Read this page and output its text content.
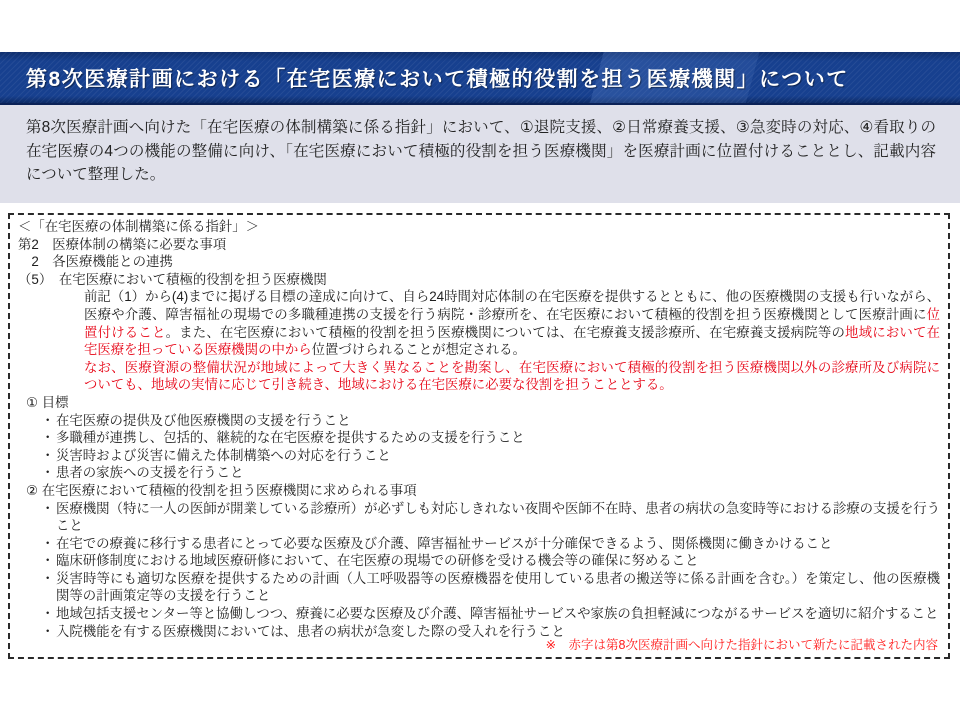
第8次医療計画における「在宅医療において積極的役割を担う医療機関」について
第8次医療計画へ向けた「在宅医療の体制構築に係る指針」において、①退院支援、②日常療養支援、③急変時の対応、④看取りの在宅医療の4つの機能の整備に向け、「在宅医療において積極的役割を担う医療機関」を医療計画に位置付けることとし、記載内容について整理した。
＜「在宅医療の体制構築に係る指針」＞
第2　医療体制の構築に必要な事項
　2　各医療機能との連携
（5）　在宅医療において積極的役割を担う医療機関
前記（1）から(4)までに掲げる目標の達成に向けて、自ら24時間対応体制の在宅医療を提供するとともに、他の医療機関の支援も行いながら、医療や介護、障害福祉の現場での多職種連携の支援を行う病院・診療所を、在宅医療において積極的役割を担う医療機関として医療計画に位置付けること。また、在宅医療において積極的役割を担う医療機関については、在宅療養支援診療所、在宅療養支援病院等の地域において在宅医療を担っている医療機関の中から位置づけられることが想定される。
なお、医療資源の整備状況が地域によって大きく異なることを勘案し、在宅医療において積極的役割を担う医療機関以外の診療所及び病院についても、地域の実情に応じて引き続き、地域における在宅医療に必要な役割を担うこととする。
① 目標
・ 在宅医療の提供及び他医療機関の支援を行うこと
・ 多職種が連携し、包括的、継続的な在宅医療を提供するための支援を行うこと
・ 災害時および災害に備えた体制構築への対応を行うこと
・ 患者の家族への支援を行うこと
② 在宅医療において積極的役割を担う医療機関に求められる事項
・ 医療機関（特に一人の医師が開業している診療所）が必ずしも対応しきれない夜間や医師不在時、患者の病状の急変時等における診療の支援を行うこと
・ 在宅での療養に移行する患者にとって必要な医療及び介護、障害福祉サービスが十分確保できるよう、関係機関に働きかけること
・ 臨床研修制度における地域医療研修において、在宅医療の現場での研修を受ける機会等の確保に努めること
・ 災害時等にも適切な医療を提供するための計画（人工呼吸器等の医療機器を使用している患者の搬送等に係る計画を含む。）を策定し、他の医療機関等の計画策定等の支援を行うこと
・ 地域包括支援センター等と協働しつつ、療養に必要な医療及び介護、障害福祉サービスや家族の負担軽減につながるサービスを適切に紹介すること
・ 入院機能を有する医療機関においては、患者の病状が急変した際の受入れを行うこと
※　赤字は第8次医療計画へ向けた指針において新たに記載された内容
